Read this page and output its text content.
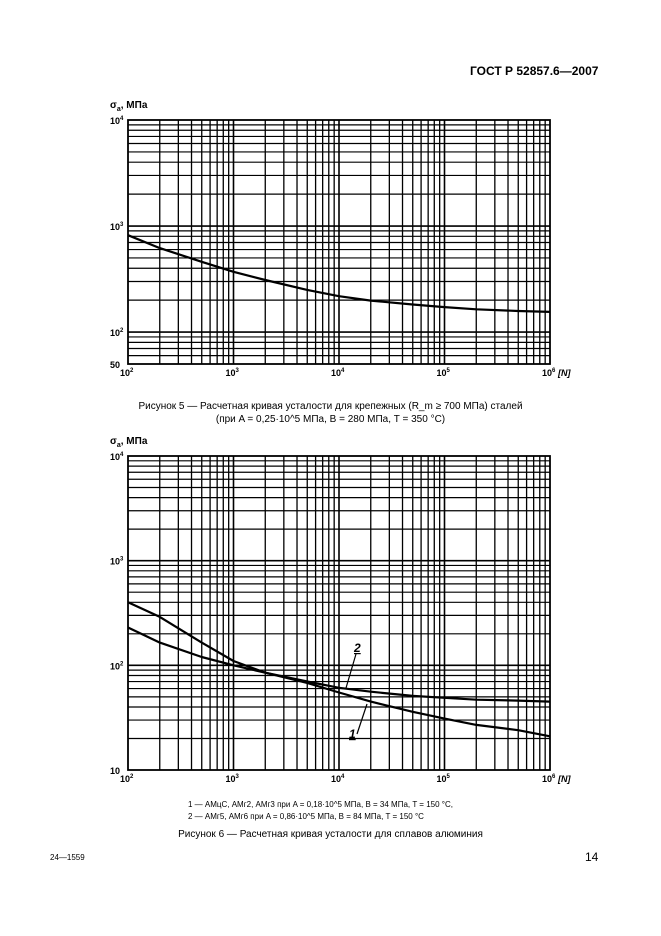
ГОСТ Р 52857.6—2007
$\sigma_a$, МПа
$10^2$	$10^3$	$10^4$	$10^5$	$10^6$ [N]
50
$10^2$
$10^3$
$10^4$
Рисунок 5 — Расчетная кривая усталости для крепежных (R_m ≥ 700 МПа) сталей
(при A = 0,25·10^5 МПа, B = 280 МПа, T = 350 °С)
$\sigma_a$, МПа
$10^2$	$10^3$	$10^4$	$10^5$	$10^6$ [N]
10
$10^2$
$10^3$
$10^4$
2
1
1 — АМцС, АМг2, АМг3 при A = 0,18·10^5 МПа, B = 34 МПа, T = 150 °С,
2 — АМг5, АМг6 при A = 0,86·10^5 МПа, B = 84 МПа, T = 150 °С
Рисунок 6 — Расчетная кривая усталости для сплавов алюминия
24—1559	14
